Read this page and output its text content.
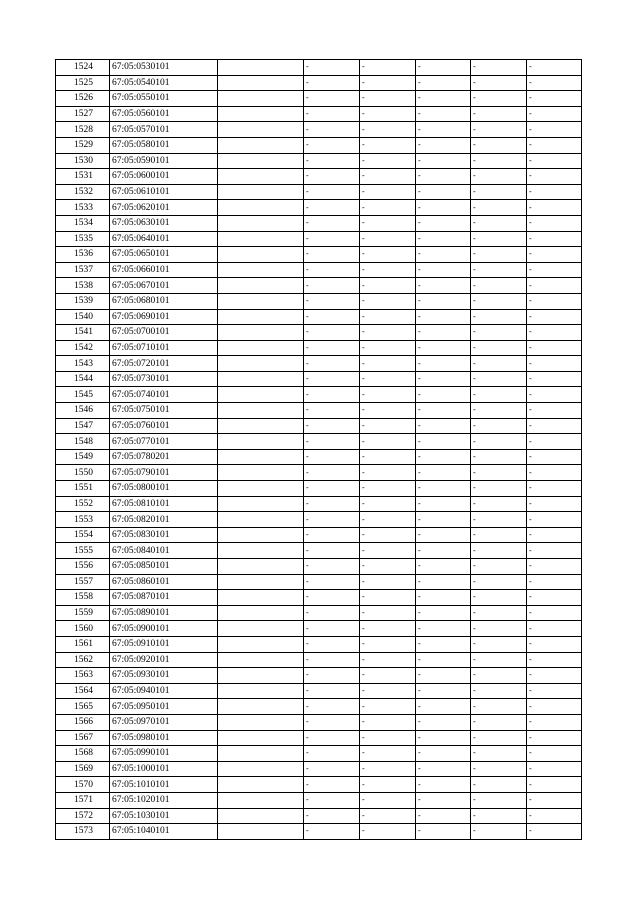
1524	67:05:0530101		-	-	-	-	-
1525	67:05:0540101		-	-	-	-	-
1526	67:05:0550101		-	-	-	-	-
1527	67:05:0560101		-	-	-	-	-
1528	67:05:0570101		-	-	-	-	-
1529	67:05:0580101		-	-	-	-	-
1530	67:05:0590101		-	-	-	-	-
1531	67:05:0600101		-	-	-	-	-
1532	67:05:0610101		-	-	-	-	-
1533	67:05:0620101		-	-	-	-	-
1534	67:05:0630101		-	-	-	-	-
1535	67:05:0640101		-	-	-	-	-
1536	67:05:0650101		-	-	-	-	-
1537	67:05:0660101		-	-	-	-	-
1538	67:05:0670101		-	-	-	-	-
1539	67:05:0680101		-	-	-	-	-
1540	67:05:0690101		-	-	-	-	-
1541	67:05:0700101		-	-	-	-	-
1542	67:05:0710101		-	-	-	-	-
1543	67:05:0720101		-	-	-	-	-
1544	67:05:0730101		-	-	-	-	-
1545	67:05:0740101		-	-	-	-	-
1546	67:05:0750101		-	-	-	-	-
1547	67:05:0760101		-	-	-	-	-
1548	67:05:0770101		-	-	-	-	-
1549	67:05:0780201		-	-	-	-	-
1550	67:05:0790101		-	-	-	-	-
1551	67:05:0800101		-	-	-	-	-
1552	67:05:0810101		-	-	-	-	-
1553	67:05:0820101		-	-	-	-	-
1554	67:05:0830101		-	-	-	-	-
1555	67:05:0840101		-	-	-	-	-
1556	67:05:0850101		-	-	-	-	-
1557	67:05:0860101		-	-	-	-	-
1558	67:05:0870101		-	-	-	-	-
1559	67:05:0890101		-	-	-	-	-
1560	67:05:0900101		-	-	-	-	-
1561	67:05:0910101		-	-	-	-	-
1562	67:05:0920101		-	-	-	-	-
1563	67:05:0930101		-	-	-	-	-
1564	67:05:0940101		-	-	-	-	-
1565	67:05:0950101		-	-	-	-	-
1566	67:05:0970101		-	-	-	-	-
1567	67:05:0980101		-	-	-	-	-
1568	67:05:0990101		-	-	-	-	-
1569	67:05:1000101		-	-	-	-	-
1570	67:05:1010101		-	-	-	-	-
1571	67:05:1020101		-	-	-	-	-
1572	67:05:1030101		-	-	-	-	-
1573	67:05:1040101		-	-	-	-	-
